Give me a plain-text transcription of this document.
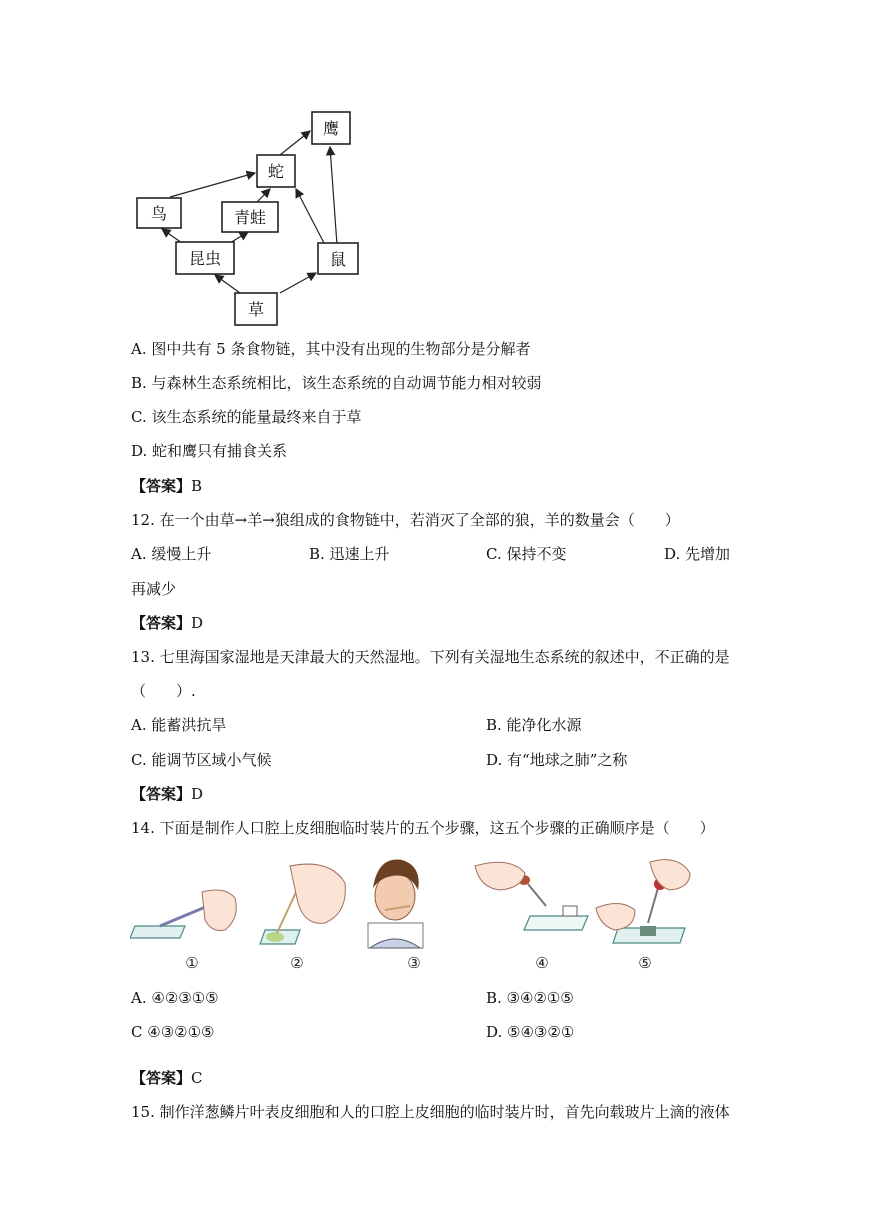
鹰
蛇
鸟	青蛙
昆虫	鼠
草
A. 图中共有 5 条食物链，其中没有出现的生物部分是分解者
B. 与森林生态系统相比，该生态系统的自动调节能力相对较弱
C. 该生态系统的能量最终来自于草
D. 蛇和鹰只有捕食关系
【答案】B
12. 在一个由草→羊→狼组成的食物链中，若消灭了全部的狼，羊的数量会（　　）
A. 缓慢上升	B. 迅速上升	C. 保持不变	D. 先增加
再减少
【答案】D
13. 七里海国家湿地是天津最大的天然湿地。下列有关湿地生态系统的叙述中，不正确的是
（　　）.
A. 能蓄洪抗旱	B. 能净化水源
C. 能调节区域小气候	D. 有“地球之肺”之称
【答案】D
14. 下面是制作人口腔上皮细胞临时装片的五个步骤，这五个步骤的正确顺序是（　　）
①	②	③	④	⑤
A. ④②③①⑤	B. ③④②①⑤
C ④③②①⑤	D. ⑤④③②①
【答案】C
15. 制作洋葱鳞片叶表皮细胞和人的口腔上皮细胞的临时装片时，首先向载玻片上滴的液体
